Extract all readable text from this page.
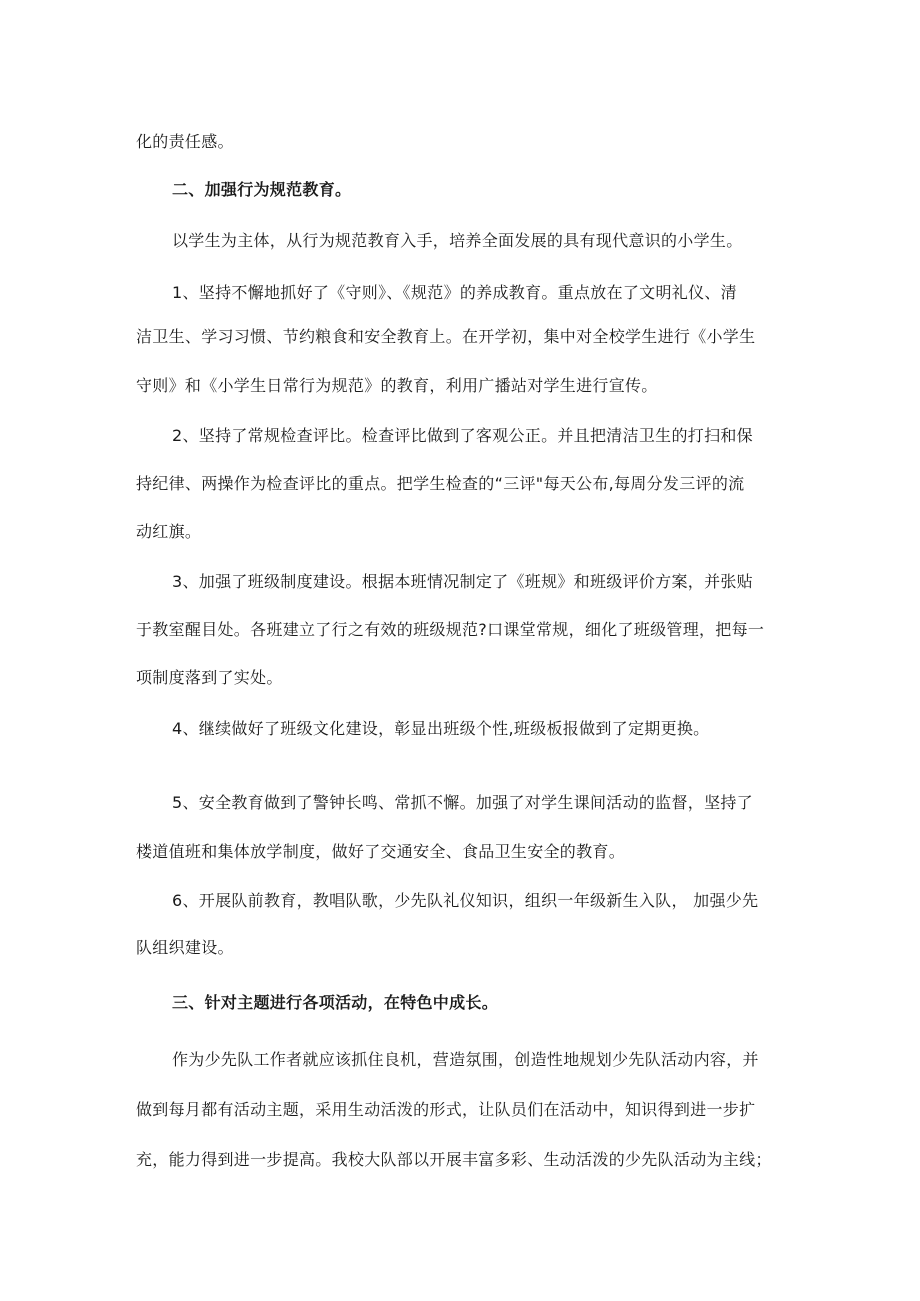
化的责任感。
二、加强行为规范教育。
以学生为主体，从行为规范教育入手，培养全面发展的具有现代意识的小学生。
1、坚持不懈地抓好了《守则》、《规范》的养成教育。重点放在了文明礼仪、清
洁卫生、学习习惯、节约粮食和安全教育上。在开学初，集中对全校学生进行《小学生
守则》和《小学生日常行为规范》的教育，利用广播站对学生进行宣传。
2、坚持了常规检查评比。检查评比做到了客观公正。并且把清洁卫生的打扫和保
持纪律、两操作为检查评比的重点。把学生检查的“三评"每天公布,每周分发三评的流
动红旗。
3、加强了班级制度建设。根据本班情况制定了《班规》和班级评价方案，并张贴
于教室醒目处。各班建立了行之有效的班级规范?口课堂常规，细化了班级管理，把每一
项制度落到了实处。
4、继续做好了班级文化建设，彰显出班级个性,班级板报做到了定期更换。
5、安全教育做到了警钟长鸣、常抓不懈。加强了对学生课间活动的监督，坚持了
楼道值班和集体放学制度，做好了交通安全、食品卫生安全的教育。
6、开展队前教育，教唱队歌，少先队礼仪知识，组织一年级新生入队， 加强少先
队组织建设。
三、针对主题进行各项活动，在特色中成长。
作为少先队工作者就应该抓住良机，营造氛围，创造性地规划少先队活动内容，并
做到每月都有活动主题，采用生动活泼的形式，让队员们在活动中，知识得到进一步扩
充，能力得到进一步提高。我校大队部以开展丰富多彩、生动活泼的少先队活动为主线；
